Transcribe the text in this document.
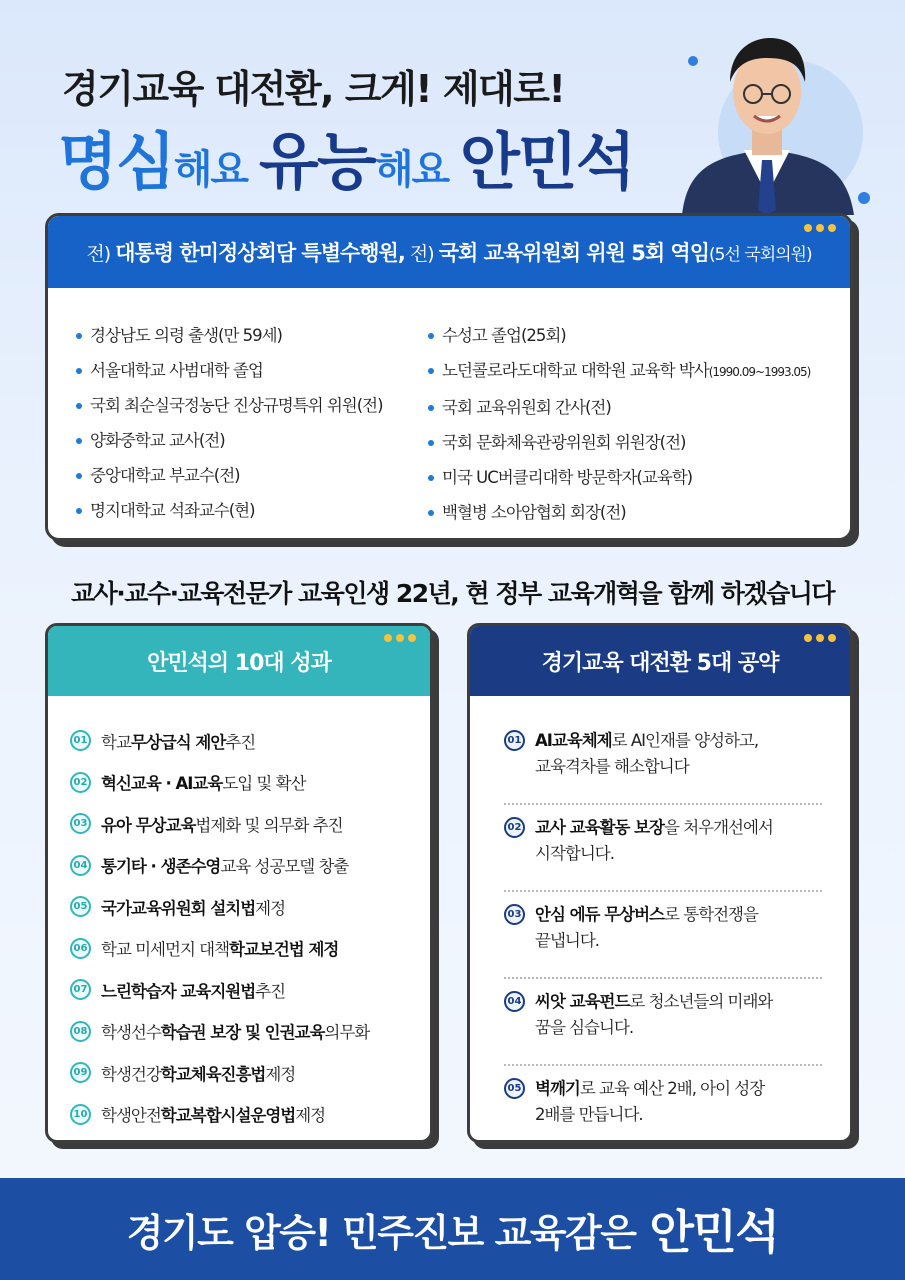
경기교육 대전환, 크게! 제대로!
명심해요 유능해요 안민석
전)
대통령 한미정상회담 특별수행원,
전)
국회 교육위원회 위원 5회 역임 (5선 국회의원)
경상남도 의령 출생(만 59세)
서울대학교 사범대학 졸업
국회 최순실국정농단 진상규명특위 위원(전)
양화중학교 교사(전)
중앙대학교 부교수(전)
명지대학교 석좌교수(현)
수성고 졸업(25회)
노던콜로라도대학교 대학원 교육학 박사(1990.09~1993.05)
국회 교육위원회 간사(전)
국회 문화체육관광위원회 위원장(전)
미국 UC버클리대학 방문학자(교육학)
백혈병 소아암협회 회장(전)
교사·교수·교육전문가 교육인생 22년, 현 정부 교육개혁을 함께 하겠습니다
안민석의 10대 성과
01 학교 무상급식 제안 추진
02 혁신교육 · AI교육 도입 및 확산
03 유아 무상교육 법제화 및 의무화 추진
04 통기타 · 생존수영 교육 성공모델 창출
05 국가교육위원회 설치법 제정
06 학교 미세먼지 대책 학교보건법 제정
07 느린학습자 교육지원법 추진
08 학생선수 학습권 보장 및 인권교육 의무화
09 학생건강 학교체육진흥법 제정
10 학생안전 학교복합시설운영법 제정
경기교육 대전환 5대 공약
01 AI교육체제로 AI인재를 양성하고,
교육격차를 해소합니다
02 교사 교육활동 보장을 처우개선에서
시작합니다.
03 안심 에듀 무상버스로 통학전쟁을
끝냅니다.
04 씨앗 교육펀드로 청소년들의 미래와
꿈을 심습니다.
05 벽깨기로 교육 예산 2배, 아이 성장
2배를 만듭니다.
경기도 압승! 민주진보 교육감은 안민석
